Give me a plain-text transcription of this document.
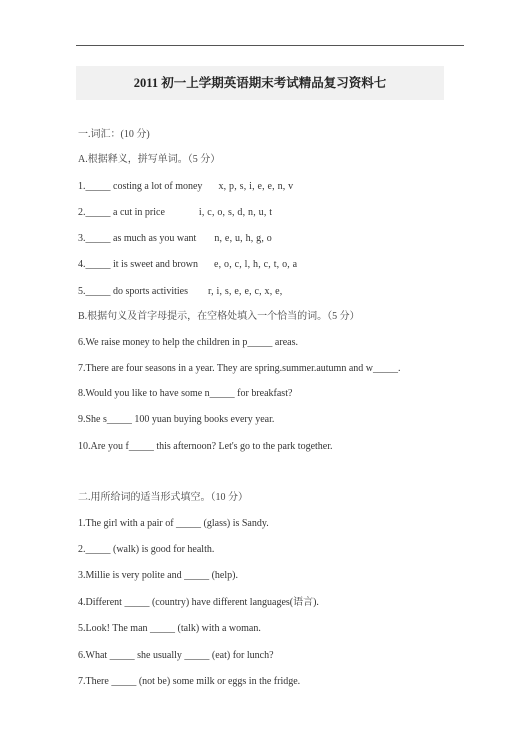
2011 初一上学期英语期末考试精品复习资料七
一.词汇：(10 分)
A.根据释义，拼写单词。（5 分）
1._____ costing a lot of money x, p, s, i, e, e, n, v
2._____ a cut in price	i, c, o, s, d, n, u, t
3._____ as much as you want n, e, u, h, g, o
4._____ it is sweet and brown e, o, c, l, h, c, t, o, a
5._____ do sports activities r, i, s, e, e, c, x, e,
B.根据句义及首字母提示，在空格处填入一个恰当的词。（5 分）
6.We raise money to help the children in p_____ areas.
7.There are four seasons in a year. They are spring.summer.autumn and w_____.
8.Would you like to have some n_____ for breakfast?
9.She s_____ 100 yuan buying books every year.
10.Are you f_____ this afternoon? Let's go to the park together.
二.用所给词的适当形式填空。（10 分）
1.The girl with a pair of _____ (glass) is Sandy.
2._____ (walk) is good for health.
3.Millie is very polite and _____ (help).
4.Different _____ (country) have different languages(语言).
5.Look! The man _____ (talk) with a woman.
6.What _____ she usually _____ (eat) for lunch?
7.There _____ (not be) some milk or eggs in the fridge.
